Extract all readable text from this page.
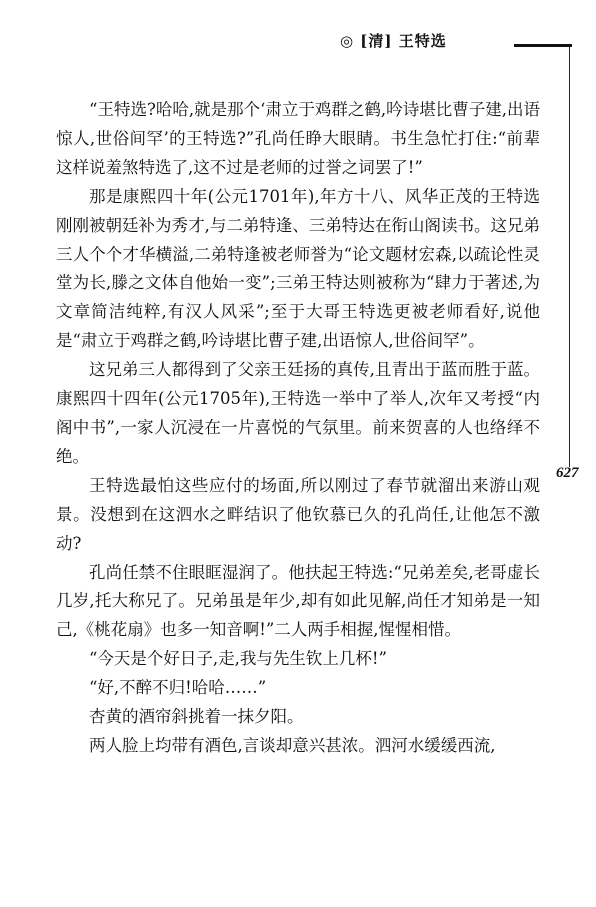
◎ [清] 王特选
627

“王特选?哈哈,就是那个‘肃立于鸡群之鹤,吟诗堪比曹子建,出语惊人,世俗间罕’的王特选?”孔尚任睁大眼睛。书生急忙打住:“前辈这样说羞煞特选了,这不过是老师的过誉之词罢了!”

那是康熙四十年(公元1701年),年方十八、风华正茂的王特选刚刚被朝廷补为秀才,与二弟特逢、三弟特达在衔山阁读书。这兄弟三人个个才华横溢,二弟特逢被老师誉为“论文题材宏森,以疏论性灵堂为长,滕之文体自他始一变”;三弟王特达则被称为“肆力于著述,为文章简洁纯粹,有汉人风采”;至于大哥王特选更被老师看好,说他是“肃立于鸡群之鹤,吟诗堪比曹子建,出语惊人,世俗间罕”。

这兄弟三人都得到了父亲王廷扬的真传,且青出于蓝而胜于蓝。康熙四十四年(公元1705年),王特选一举中了举人,次年又考授“内阁中书”,一家人沉浸在一片喜悦的气氛里。前来贺喜的人也络绎不绝。

王特选最怕这些应付的场面,所以刚过了春节就溜出来游山观景。没想到在这泗水之畔结识了他钦慕已久的孔尚任,让他怎不激动?

孔尚任禁不住眼眶湿润了。他扶起王特选:“兄弟差矣,老哥虚长几岁,托大称兄了。兄弟虽是年少,却有如此见解,尚任才知弟是一知己,《桃花扇》也多一知音啊!”二人两手相握,惺惺相惜。

“今天是个好日子,走,我与先生钦上几杯!”

“好,不醉不归!哈哈……”

杏黄的酒帘斜挑着一抹夕阳。

两人脸上均带有酒色,言谈却意兴甚浓。泗河水缓缓西流,
